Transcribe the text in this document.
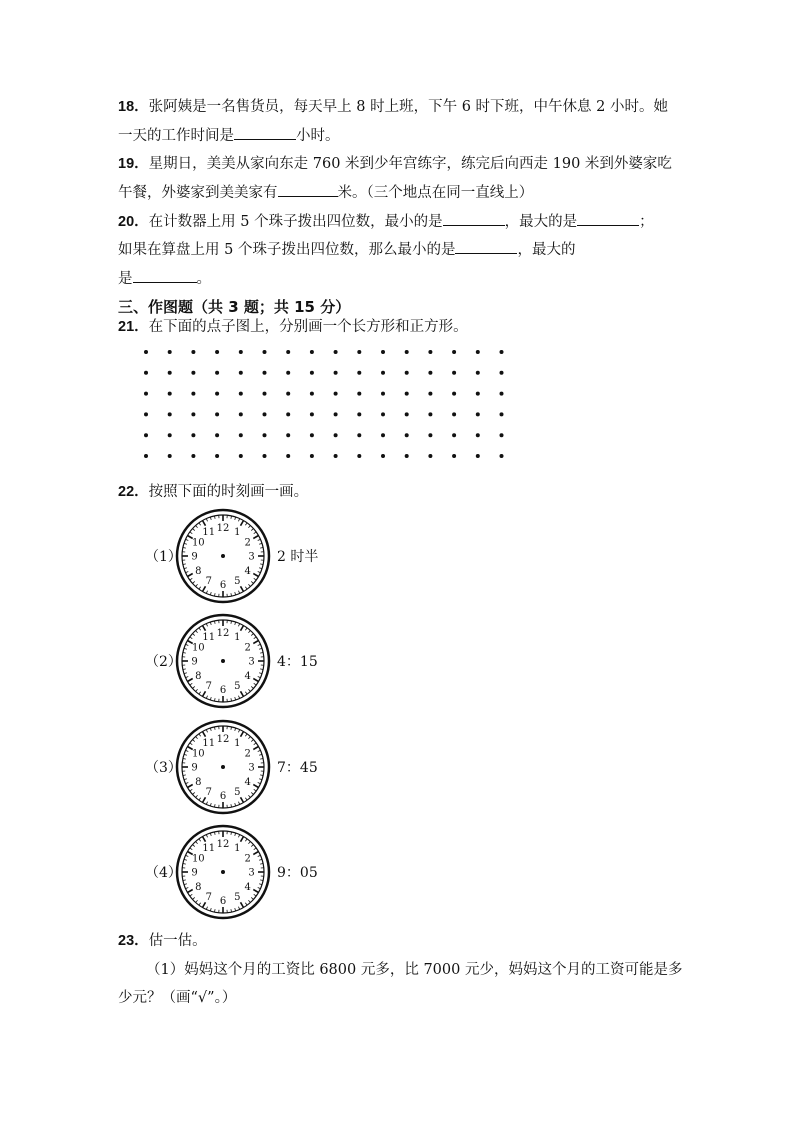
18．张阿姨是一名售货员，每天早上 8 时上班，下午 6 时下班，中午休息 2 小时。她
一天的工作时间是	小时。
19．星期日，美美从家向东走 760 米到少年宫练字，练完后向西走 190 米到外婆家吃
午餐，外婆家到美美家有	米。（三个地点在同一直线上）
20．在计数器上用 5 个珠子拨出四位数，最小的是	，最大的是	；
如果在算盘上用 5 个珠子拨出四位数，那么最小的是	，最大的
是	。
三、作图题（共 3 题；共 15 分）
21．在下面的点子图上，分别画一个长方形和正方形。
22．按照下面的时刻画一画。
（1）
12 1
2
3
4
5
6
7
8
9
10
11
2 时半
（2）
12 1
2
3
4
5
6
7
8
9
10
11
4：15
（3）
12 1
2
3
4
5
6
7
8
9
10
11
7：45
（4）
12 1
2
3
4
5
6
7
8
9
10
11
9：05
23．估一估。
（1）妈妈这个月的工资比 6800 元多，比 7000 元少，妈妈这个月的工资可能是多
少元？（画“√”。）
